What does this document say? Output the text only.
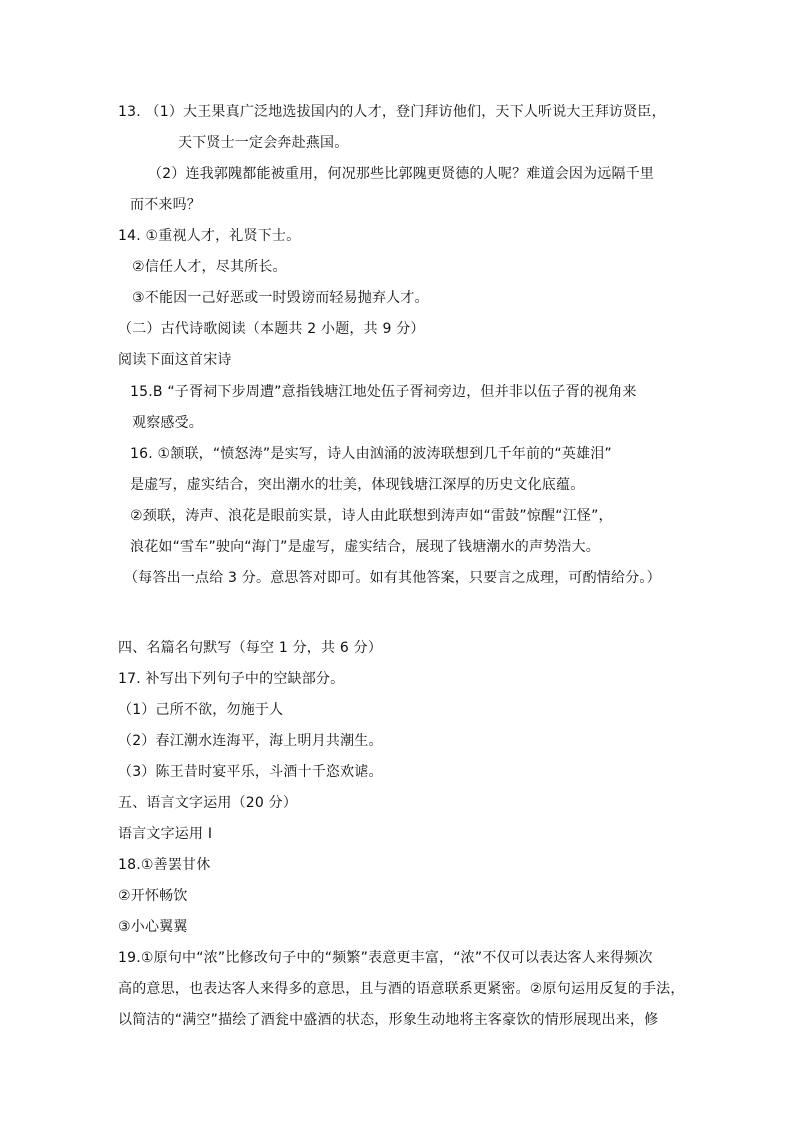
13. （1）大王果真广泛地选拔国内的人才，登门拜访他们，天下人听说大王拜访贤臣，
天下贤士一定会奔赴燕国。
（2）连我郭隗都能被重用，何况那些比郭隗更贤德的人呢？难道会因为远隔千里
而不来吗？
14. ①重视人才，礼贤下士。
②信任人才，尽其所长。
③不能因一己好恶或一时毁谤而轻易抛弃人才。
（二）古代诗歌阅读（本题共 2 小题，共 9 分）
阅读下面这首宋诗
15.B “子胥祠下步周遭”意指钱塘江地处伍子胥祠旁边，但并非以伍子胥的视角来
观察感受。
16. ①颔联，“愤怒涛”是实写，诗人由汹涌的波涛联想到几千年前的“英雄泪”
是虚写，虚实结合，突出潮水的壮美，体现钱塘江深厚的历史文化底蕴。
②颈联，涛声、浪花是眼前实景，诗人由此联想到涛声如“雷鼓”惊醒“江怪”，
浪花如“雪车”驶向“海门”是虚写，虚实结合，展现了钱塘潮水的声势浩大。
（每答出一点给 3 分。意思答对即可。如有其他答案，只要言之成理，可酌情给分。）
四、名篇名句默写（每空 1 分，共 6 分）
17. 补写出下列句子中的空缺部分。
（1）己所不欲，勿施于人
（2）春江潮水连海平，海上明月共潮生。
（3）陈王昔时宴平乐，斗酒十千恣欢谑。
五、语言文字运用（20 分）
语言文字运用 I
18.①善罢甘休
②开怀畅饮
③小心翼翼
19.①原句中“浓”比修改句子中的“频繁”表意更丰富，“浓”不仅可以表达客人来得频次
高的意思，也表达客人来得多的意思，且与酒的语意联系更紧密。②原句运用反复的手法，
以简洁的“满空”描绘了酒瓮中盛酒的状态，形象生动地将主客豪饮的情形展现出来，修
